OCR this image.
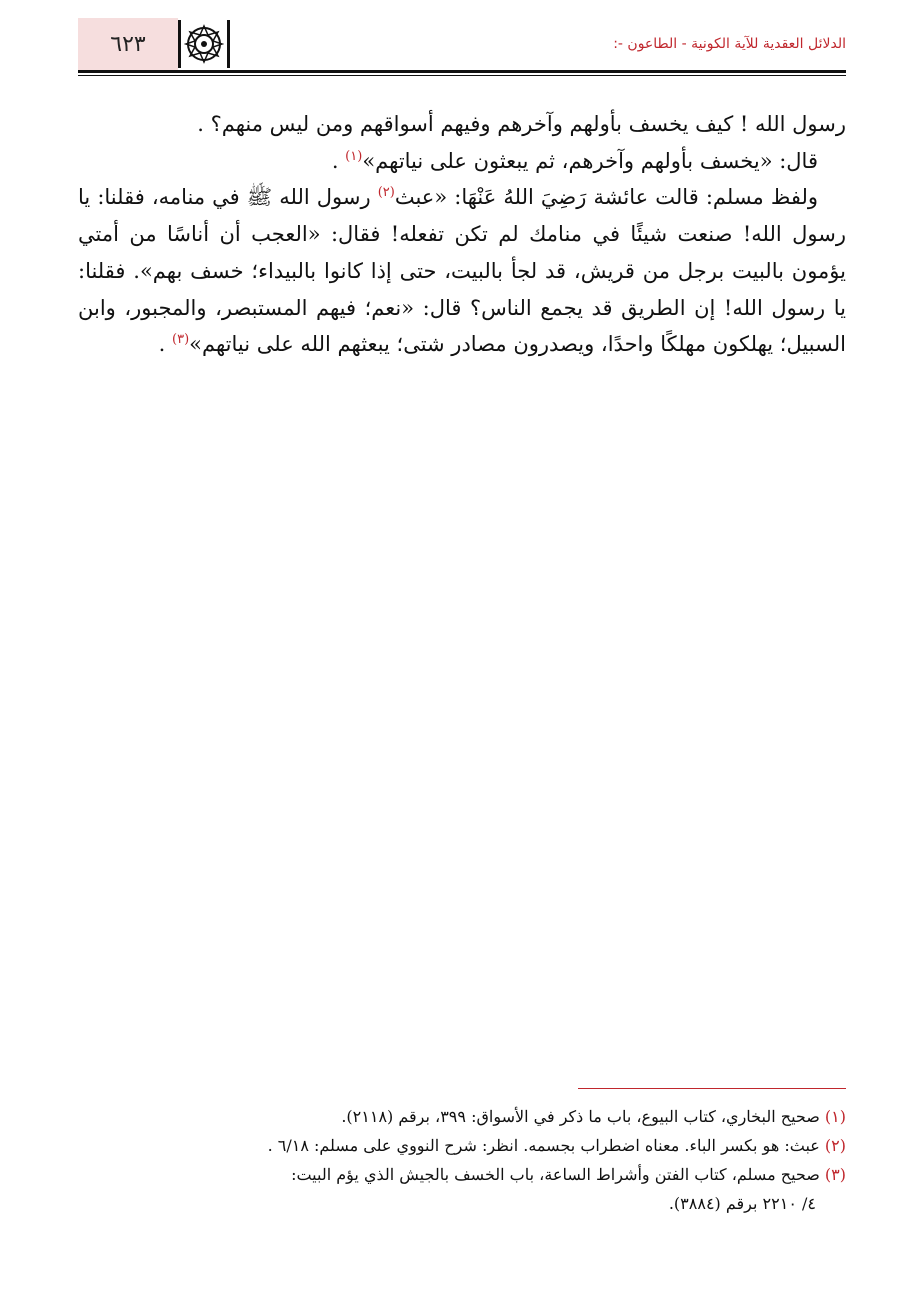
٦٢٣	الدلائل العقدية للآية الكونية - الطاعون -:

رسول الله ! كيف يخسف بأولهم وآخرهم وفيهم أسواقهم ومن ليس منهم؟ .

قال: «يخسف بأولهم وآخرهم، ثم يبعثون على نياتهم»$^{(١)}$ .

ولفظ مسلم: قالت عائشة رَضِيَ اللهُ عَنْهَا: «عبث$^{(٢)}$ رسول الله ﷺ في منامه، فقلنا: يا رسول الله! صنعت شيئًا في منامك لم تكن تفعله! فقال: «العجب أن أناسًا من أمتي يؤمون بالبيت برجل من قريش، قد لجأ بالبيت، حتى إذا كانوا بالبيداء؛ خسف بهم». فقلنا: يا رسول الله! إن الطريق قد يجمع الناس؟ قال: «نعم؛ فيهم المستبصر، والمجبور، وابن السبيل؛ يهلكون مهلكًا واحدًا، ويصدرون مصادر شتى؛ يبعثهم الله على نياتهم»$^{(٣)}$ .

(١) صحيح البخاري، كتاب البيوع، باب ما ذكر في الأسواق: ٣٩٩، برقم (٢١١٨).

(٢) عبث: هو بكسر الباء. معناه اضطراب بجسمه. انظر: شرح النووي على مسلم: ٦/١٨ .

(٣) صحيح مسلم، كتاب الفتن وأشراط الساعة، باب الخسف بالجيش الذي يؤم البيت:

٤/ ٢٢١٠ برقم (٣٨٨٤).
